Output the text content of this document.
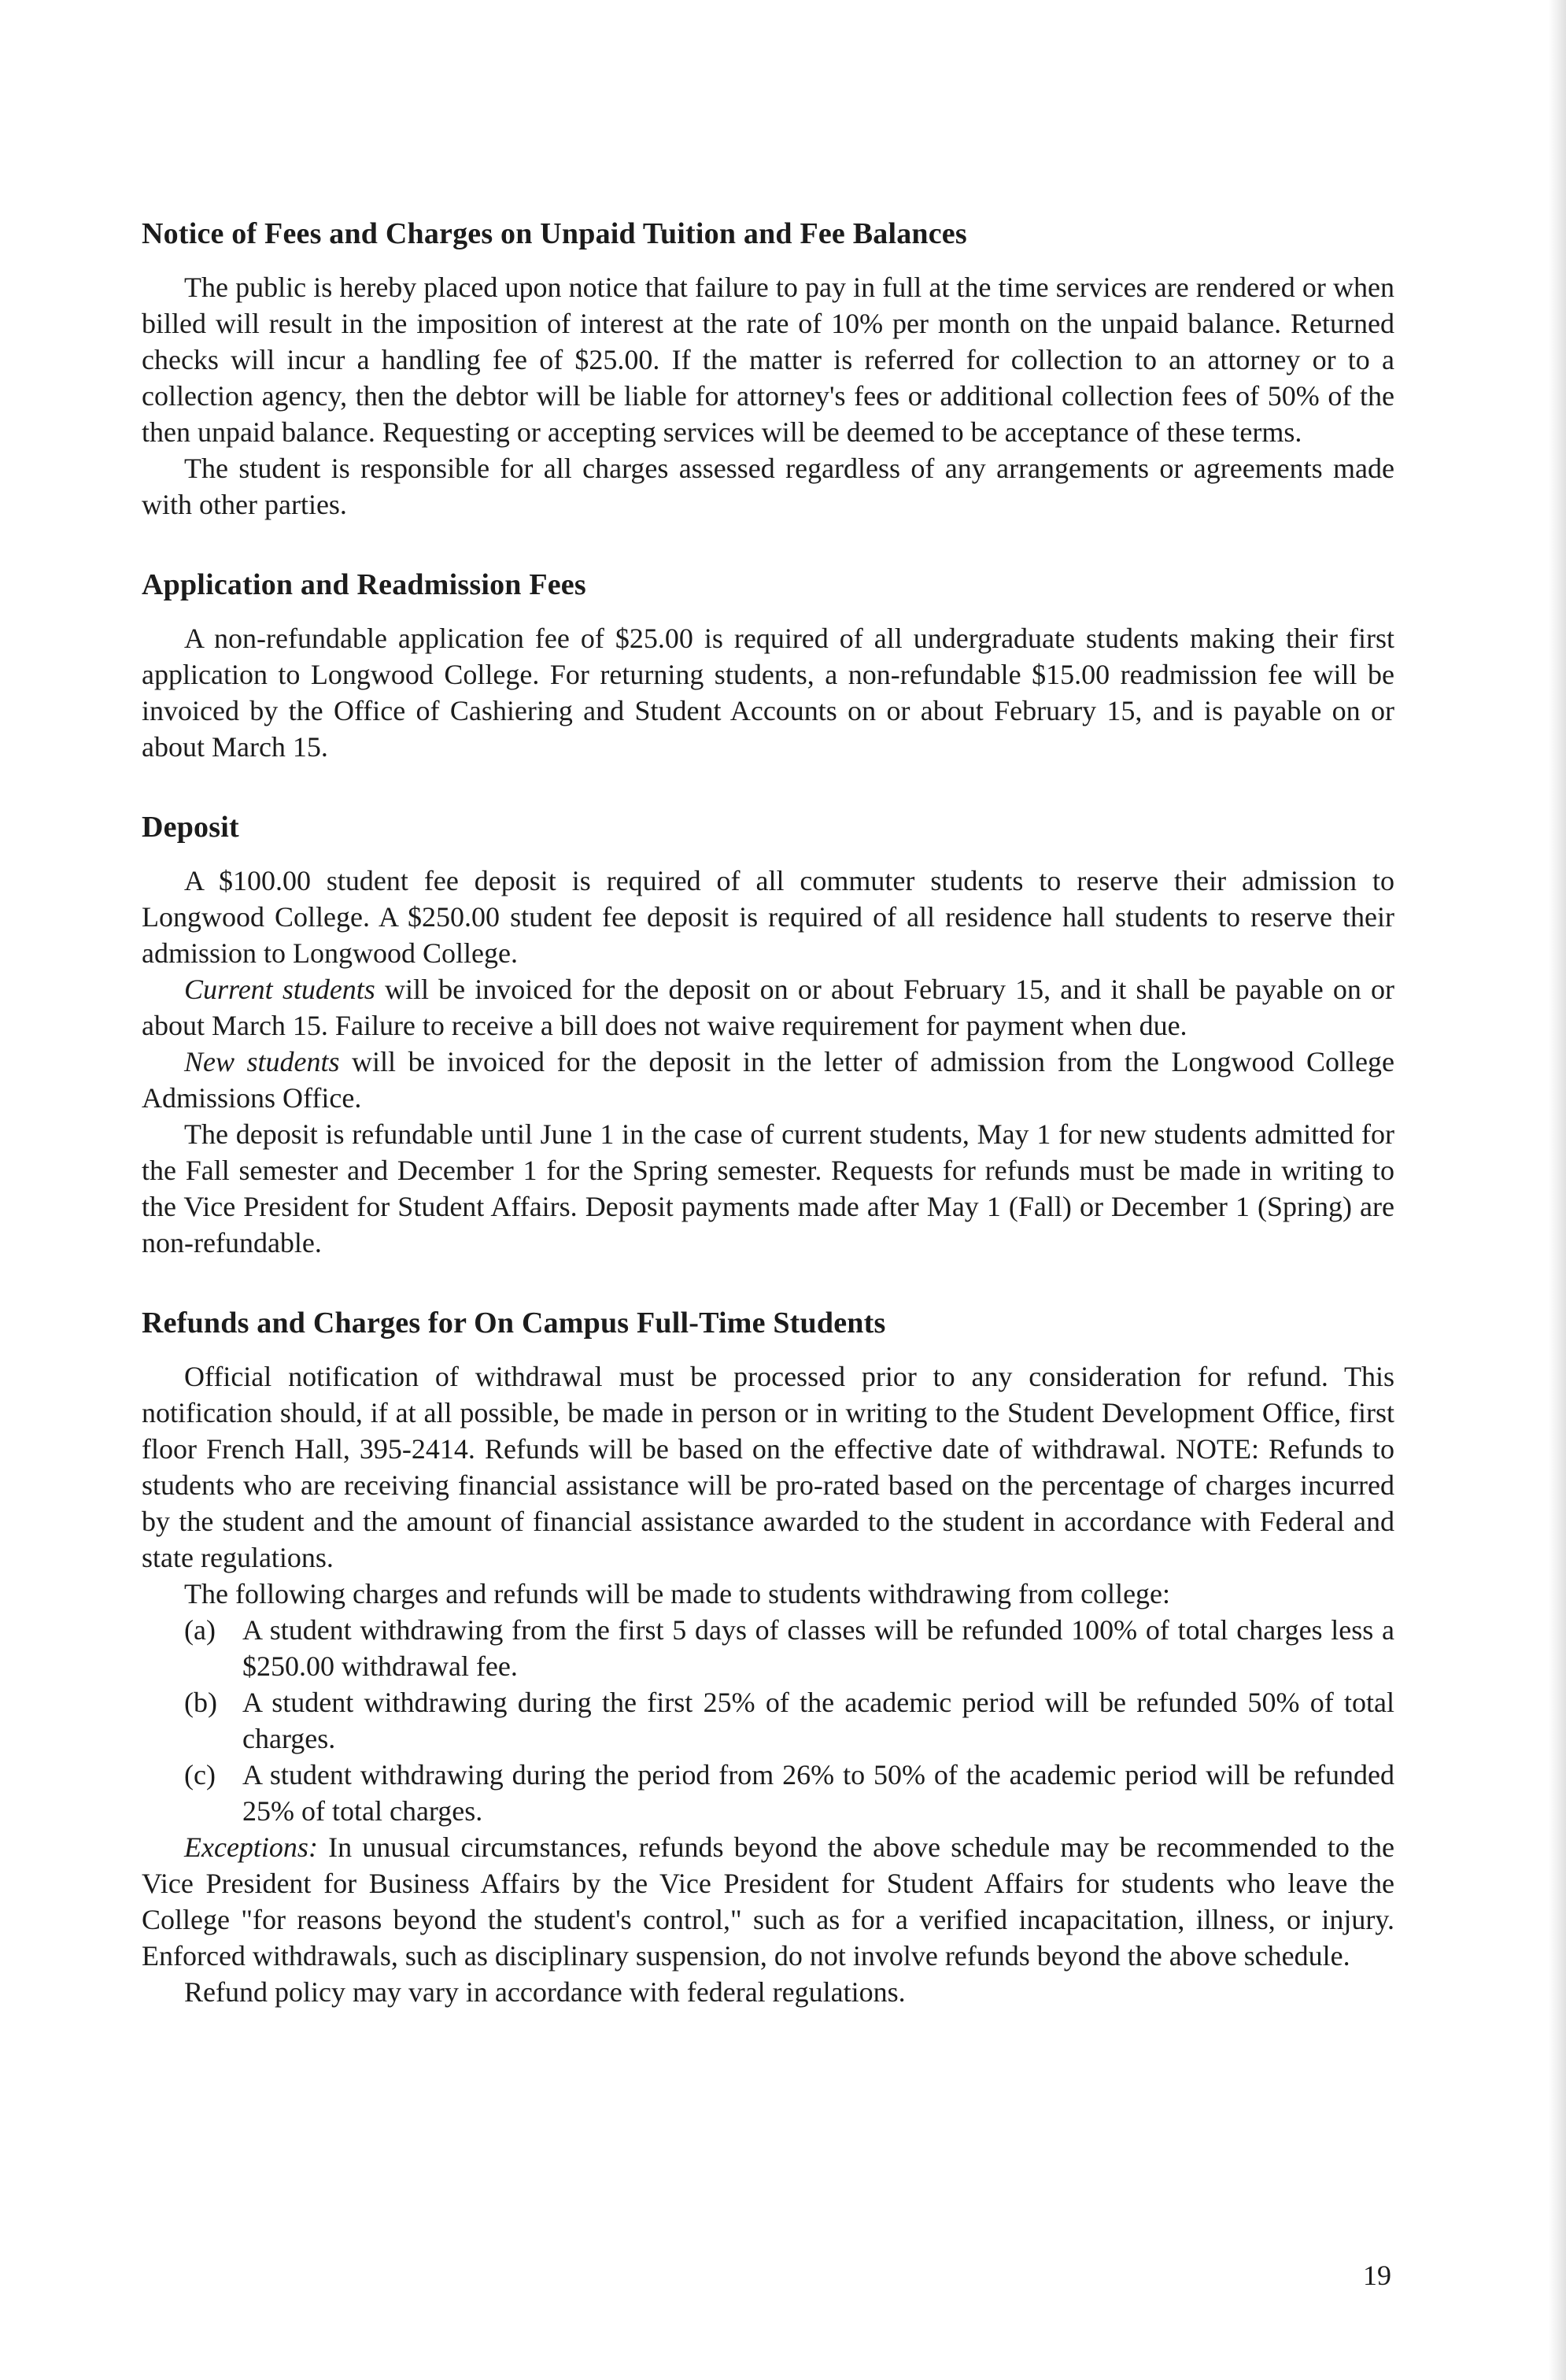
Notice of Fees and Charges on Unpaid Tuition and Fee Balances

The public is hereby placed upon notice that failure to pay in full at the time services are rendered or when billed will result in the imposition of interest at the rate of 10% per month on the unpaid balance. Returned checks will incur a handling fee of $25.00. If the matter is referred for collection to an attorney or to a collection agency, then the debtor will be liable for attorney's fees or additional collection fees of 50% of the then unpaid balance. Requesting or accepting services will be deemed to be acceptance of these terms.

The student is responsible for all charges assessed regardless of any arrangements or agreements made with other parties.

Application and Readmission Fees

A non-refundable application fee of $25.00 is required of all undergraduate students making their first application to Longwood College. For returning students, a non-refundable $15.00 readmission fee will be invoiced by the Office of Cashiering and Student Accounts on or about February 15, and is payable on or about March 15.

Deposit

A $100.00 student fee deposit is required of all commuter students to reserve their admission to Longwood College. A $250.00 student fee deposit is required of all residence hall students to reserve their admission to Longwood College.

Current students will be invoiced for the deposit on or about February 15, and it shall be payable on or about March 15. Failure to receive a bill does not waive requirement for payment when due.

New students will be invoiced for the deposit in the letter of admission from the Longwood College Admissions Office.

The deposit is refundable until June 1 in the case of current students, May 1 for new students admitted for the Fall semester and December 1 for the Spring semester. Requests for refunds must be made in writing to the Vice President for Student Affairs. Deposit payments made after May 1 (Fall) or December 1 (Spring) are non-refundable.

Refunds and Charges for On Campus Full-Time Students

Official notification of withdrawal must be processed prior to any consideration for refund. This notification should, if at all possible, be made in person or in writing to the Student Development Office, first floor French Hall, 395-2414. Refunds will be based on the effective date of withdrawal. NOTE: Refunds to students who are receiving financial assistance will be pro-rated based on the percentage of charges incurred by the student and the amount of financial assistance awarded to the student in accordance with Federal and state regulations.

The following charges and refunds will be made to students withdrawing from college:

(a) A student withdrawing from the first 5 days of classes will be refunded 100% of total charges less a $250.00 withdrawal fee.
(b) A student withdrawing during the first 25% of the academic period will be refunded 50% of total charges.
(c) A student withdrawing during the period from 26% to 50% of the academic period will be refunded 25% of total charges.

Exceptions: In unusual circumstances, refunds beyond the above schedule may be recommended to the Vice President for Business Affairs by the Vice President for Student Affairs for students who leave the College "for reasons beyond the student's control," such as for a verified incapacitation, illness, or injury. Enforced withdrawals, such as disciplinary suspension, do not involve refunds beyond the above schedule.

Refund policy may vary in accordance with federal regulations.

19
